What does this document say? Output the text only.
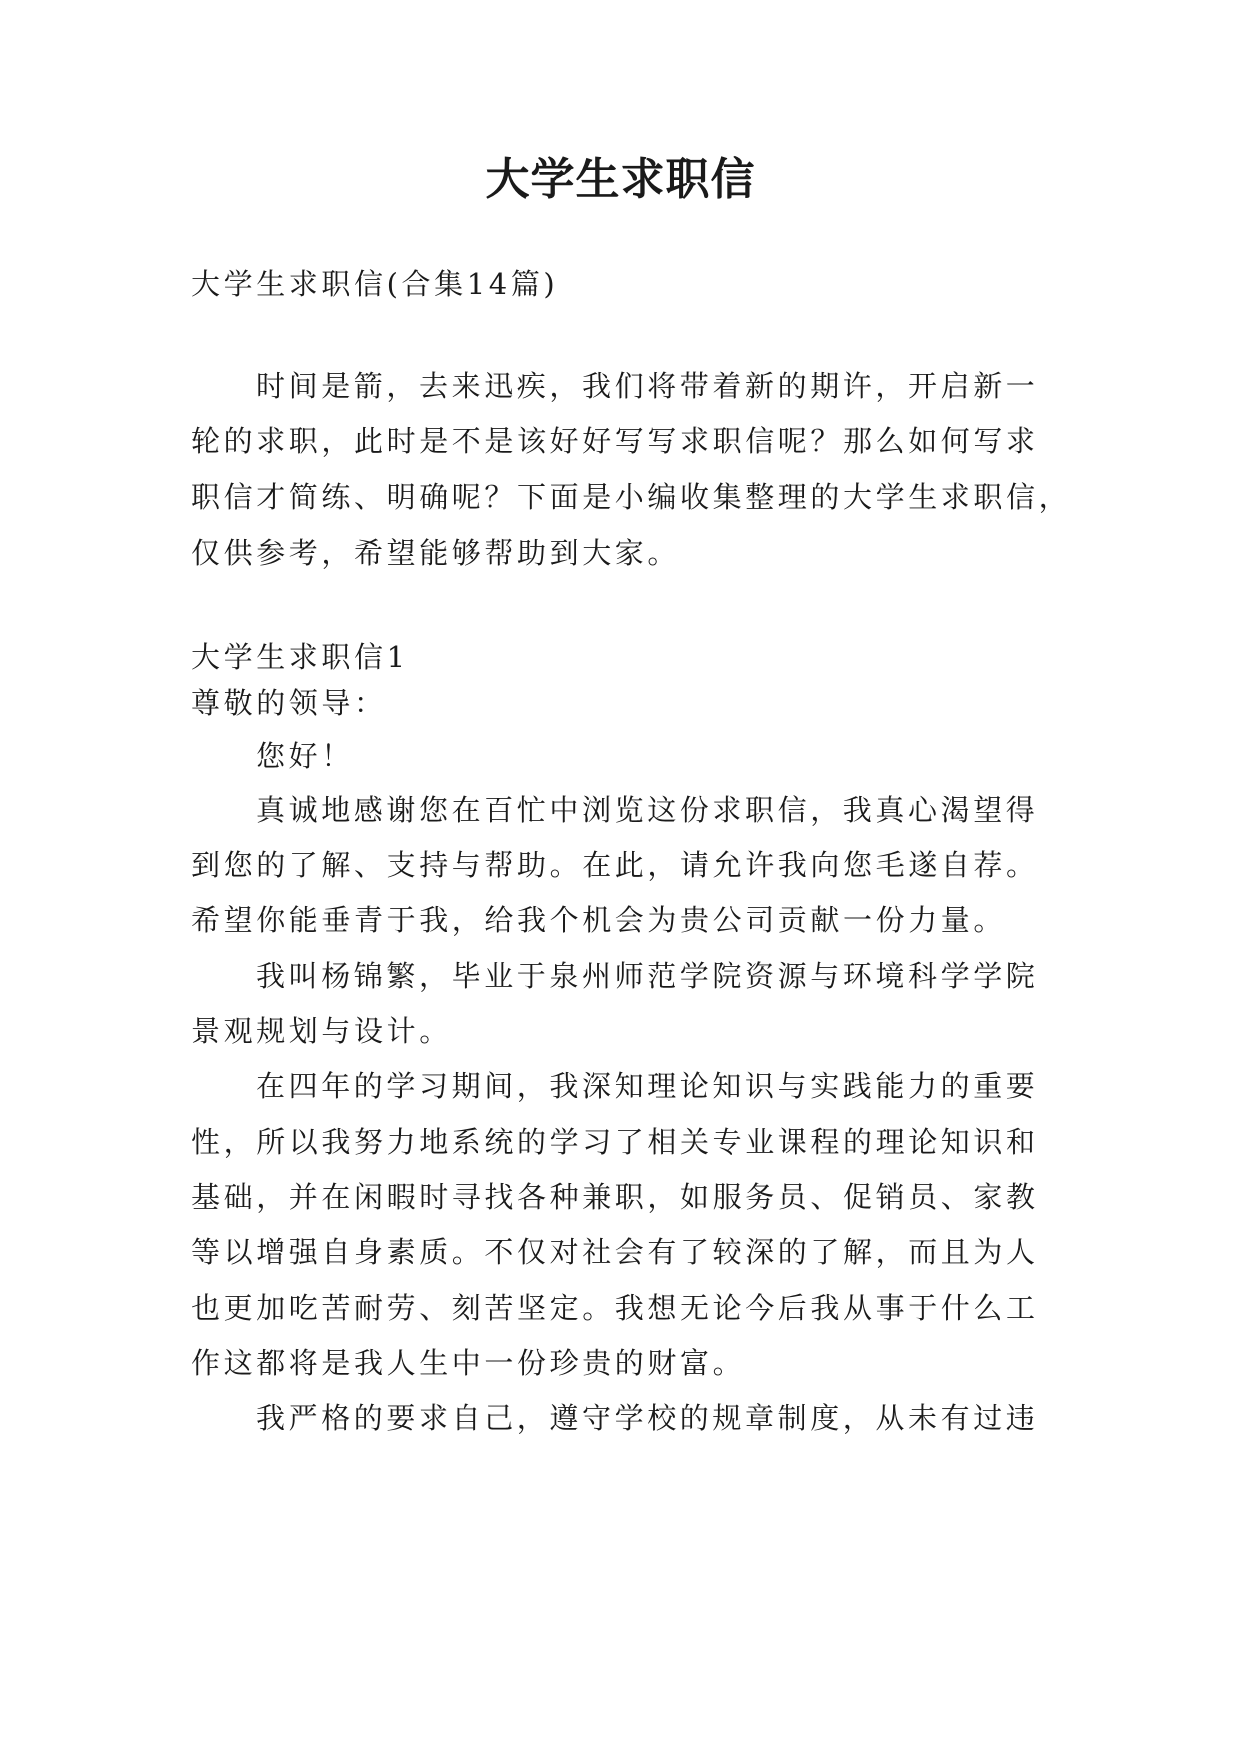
大学生求职信
大学生求职信(合集14篇)
时间是箭，去来迅疾，我们将带着新的期许，开启新一
轮的求职，此时是不是该好好写写求职信呢？那么如何写求
职信才简练、明确呢？下面是小编收集整理的大学生求职信，
仅供参考，希望能够帮助到大家。
大学生求职信1
尊敬的领导：
您好！
真诚地感谢您在百忙中浏览这份求职信，我真心渴望得
到您的了解、支持与帮助。在此，请允许我向您毛遂自荐。
希望你能垂青于我，给我个机会为贵公司贡献一份力量。
我叫杨锦繁，毕业于泉州师范学院资源与环境科学学院
景观规划与设计。
在四年的学习期间，我深知理论知识与实践能力的重要
性，所以我努力地系统的学习了相关专业课程的理论知识和
基础，并在闲暇时寻找各种兼职，如服务员、促销员、家教
等以增强自身素质。不仅对社会有了较深的了解，而且为人
也更加吃苦耐劳、刻苦坚定。我想无论今后我从事于什么工
作这都将是我人生中一份珍贵的财富。
我严格的要求自己，遵守学校的规章制度，从未有过违
